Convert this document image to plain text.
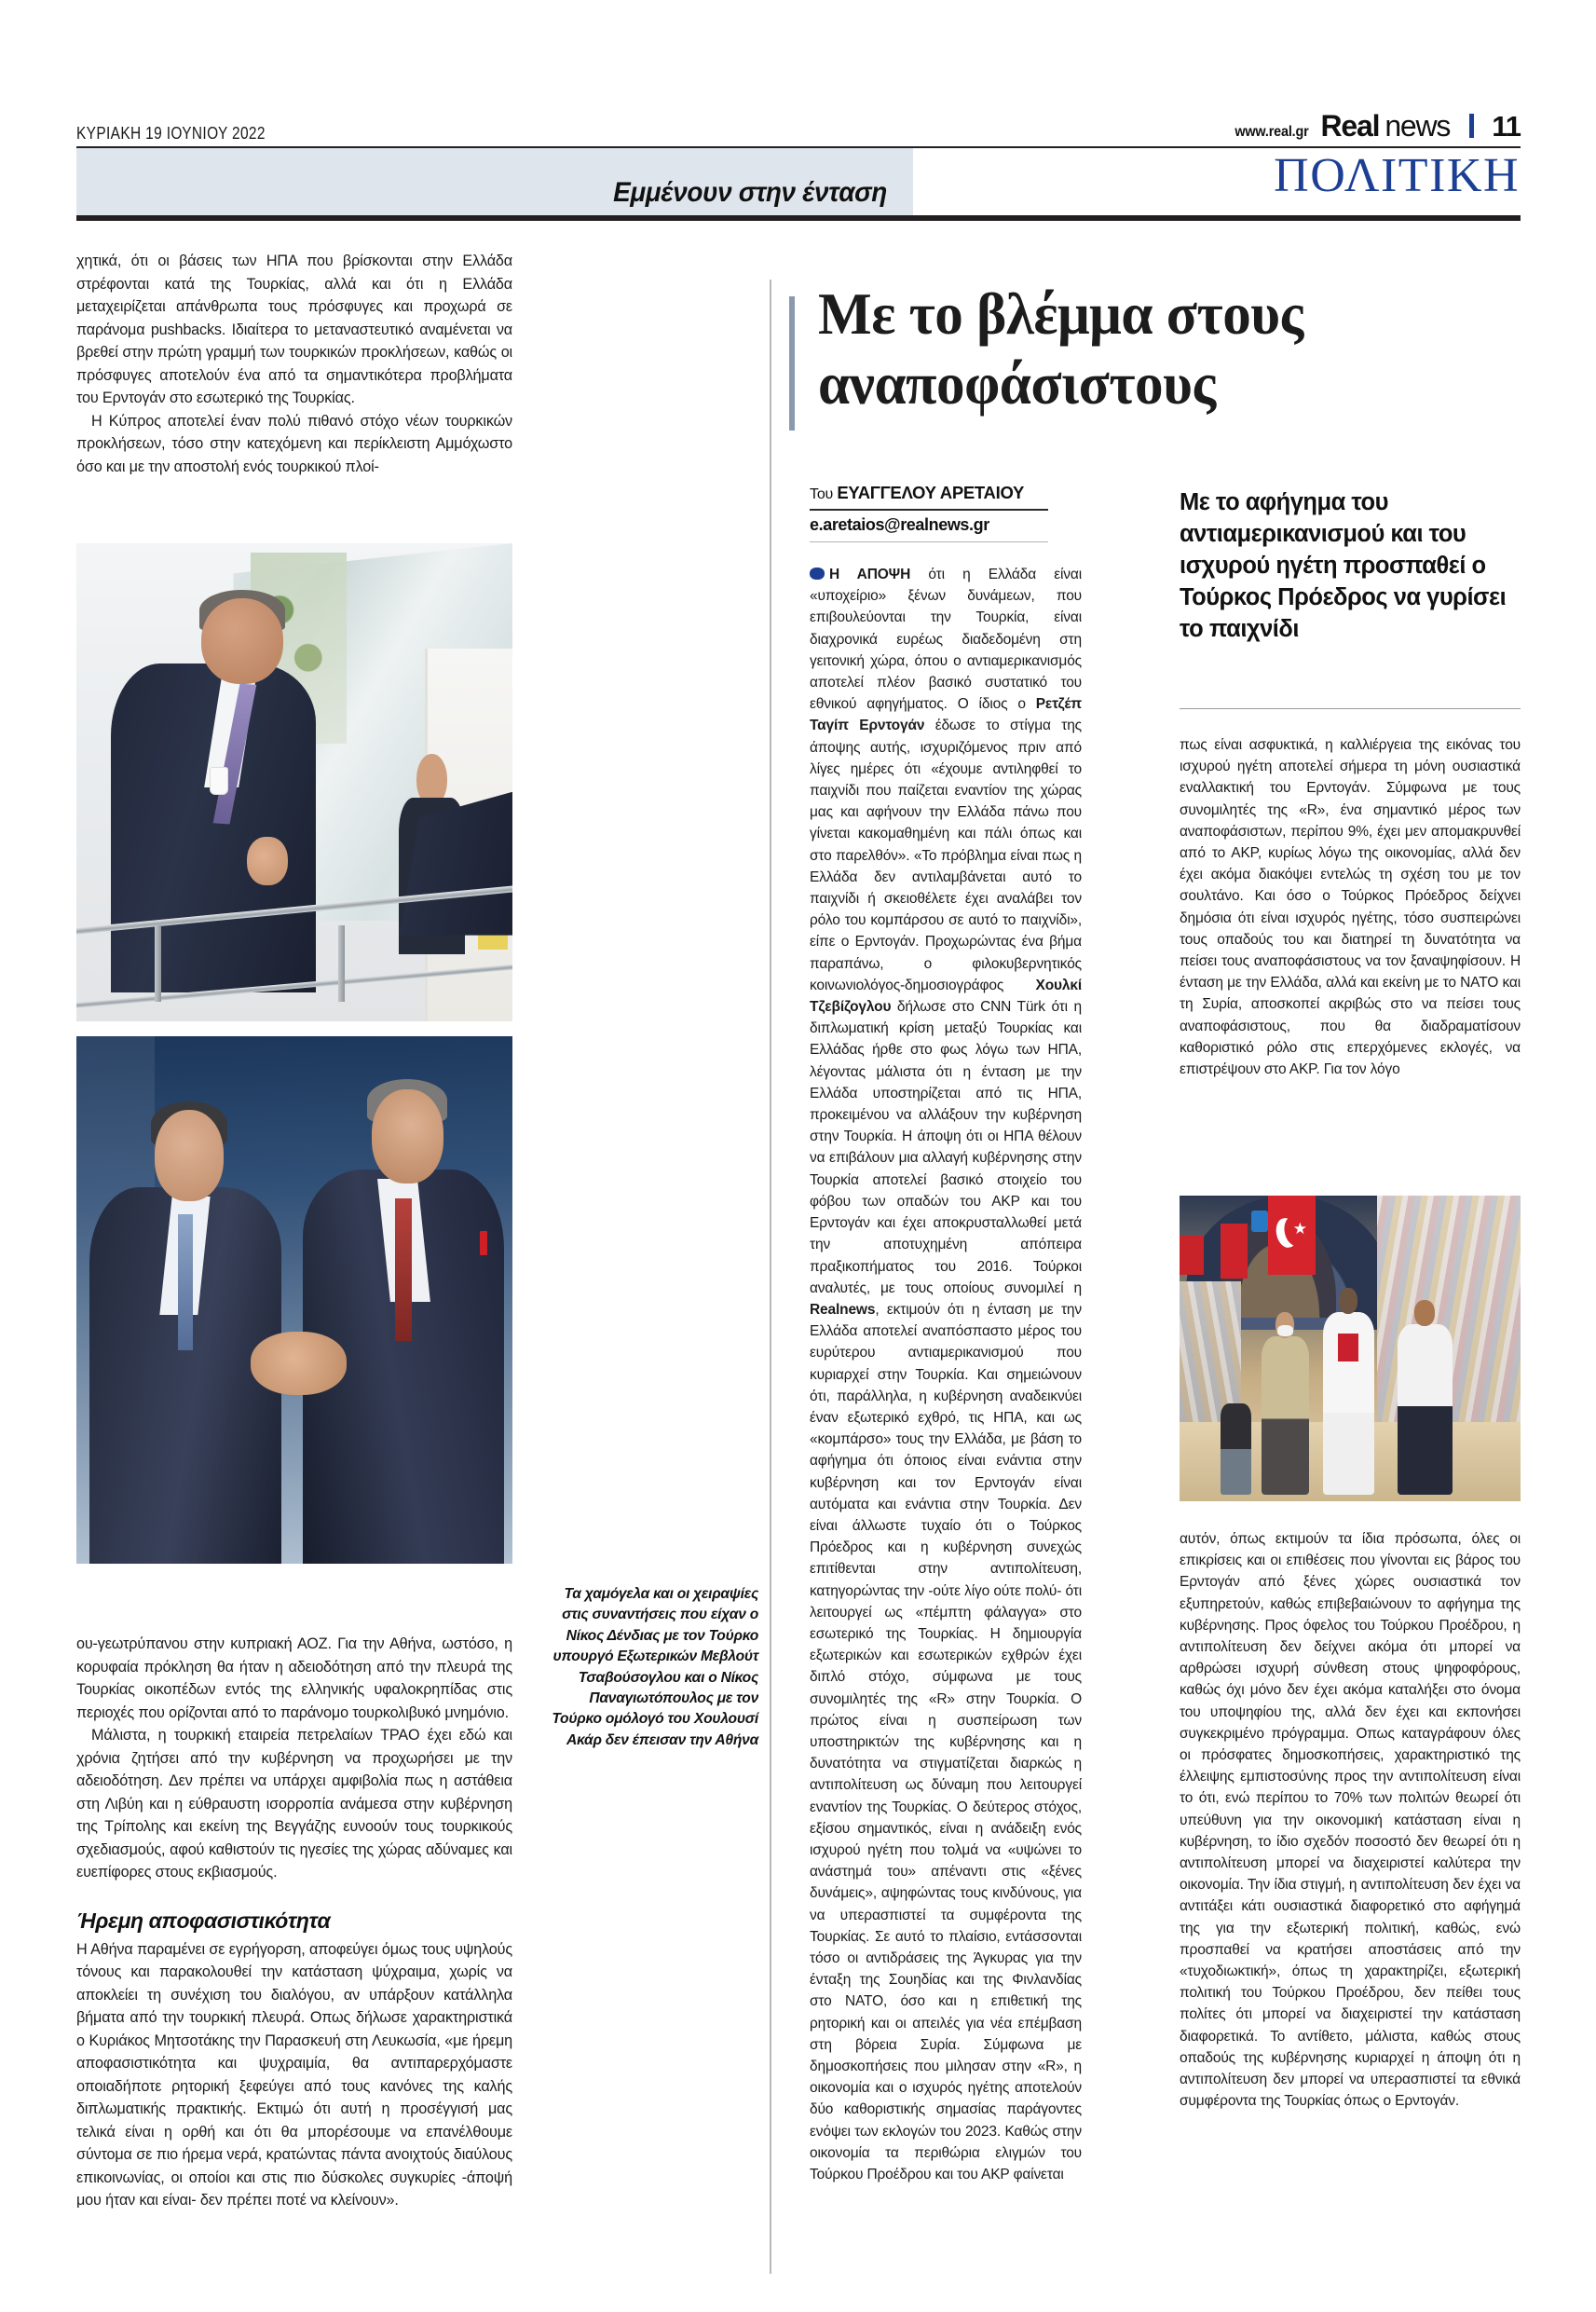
ΚΥΡΙΑΚΗ 19 ΙΟΥΝΙΟΥ 2022	www.real.gr Real news 11
Εμμένουν στην ένταση	ΠΟΛΙΤΙΚΗ

χητικά, ότι οι βάσεις των ΗΠΑ που βρίσκονται στην Ελλάδα στρέφονται κατά της Τουρκίας, αλλά και ότι η Ελλάδα μεταχειρίζεται απάνθρωπα τους πρόσφυγες και προχωρά σε παράνομα pushbacks. Ιδιαίτερα το μεταναστευτικό αναμένεται να βρεθεί στην πρώτη γραμμή των τουρκικών προκλήσεων, καθώς οι πρόσφυγες αποτελούν ένα από τα σημαντικότερα προβλήματα του Ερντογάν στο εσωτερικό της Τουρκίας.

Η Κύπρος αποτελεί έναν πολύ πιθανό στόχο νέων τουρκικών προκλήσεων, τόσο στην κατεχόμενη και περίκλειστη Αμμόχωστο όσο και με την αποστολή ενός τουρκικού πλοί-

Τα χαμόγελα και οι χειραψίες στις συναντήσεις που είχαν ο Νίκος Δένδιας με τον Τούρκο υπουργό Εξωτερικών Μεβλούτ Τσαβούσογλου και ο Νίκος Παναγιωτόπουλος με τον Τούρκο ομόλογό του Χουλουσί Ακάρ δεν έπεισαν την Αθήνα

ου-γεωτρύπανου στην κυπριακή ΑΟΖ. Για την Αθήνα, ωστόσο, η κορυφαία πρόκληση θα ήταν η αδειοδότηση από την πλευρά της Τουρκίας οικοπέδων εντός της ελληνικής υφαλοκρηπίδας στις περιοχές που ορίζονται από το παράνομο τουρκολιβυκό μνημόνιο.

Μάλιστα, η τουρκική εταιρεία πετρελαίων TPAO έχει εδώ και χρόνια ζητήσει από την κυβέρνηση να προχωρήσει με την αδειοδότηση. Δεν πρέπει να υπάρχει αμφιβολία πως η αστάθεια στη Λιβύη και η εύθραυστη ισορροπία ανάμεσα στην κυβέρνηση της Τρίπολης και εκείνη της Βεγγάζης ευνοούν τους τουρκικούς σχεδιασμούς, αφού καθιστούν τις ηγεσίες της χώρας αδύναμες και ευεπίφορες στους εκβιασμούς.

Ήρεμη αποφασιστικότητα

Η Αθήνα παραμένει σε εγρήγορση, αποφεύγει όμως τους υψηλούς τόνους και παρακολουθεί την κατάσταση ψύχραιμα, χωρίς να αποκλείει τη συνέχιση του διαλόγου, αν υπάρξουν κατάλληλα βήματα από την τουρκική πλευρά. Οπως δήλωσε χαρακτηριστικά ο Κυριάκος Μητσοτάκης την Παρασκευή στη Λευκωσία, «με ήρεμη αποφασιστικότητα και ψυχραιμία, θα αντιπαρερχόμαστε οποιαδήποτε ρητορική ξεφεύγει από τους κανόνες της καλής διπλωματικής πρακτικής. Εκτιμώ ότι αυτή η προσέγγισή μας τελικά είναι η ορθή και ότι θα μπορέσουμε να επανέλθουμε σύντομα σε πιο ήρεμα νερά, κρατώντας πάντα ανοιχτούς διαύλους επικοινωνίας, οι οποίοι και στις πιο δύσκολες συγκυρίες -άποψή μου ήταν και είναι- δεν πρέπει ποτέ να κλείνουν».

Με το βλέμμα στους αναποφάσιστους
Του ΕΥΑΓΓΕΛΟΥ ΑΡΕΤΑΙΟΥ
e.aretaios@realnews.gr
Με το αφήγημα του αντιαμερικανισμού και του ισχυρού ηγέτη προσπαθεί ο Τούρκος Πρόεδρος να γυρίσει το παιχνίδι

Η ΑΠΟΨΗ ότι η Ελλάδα είναι «υποχείριο» ξένων δυνάμεων, που επιβουλεύονται την Τουρκία, είναι διαχρονικά ευρέως διαδεδομένη στη γειτονική χώρα, όπου ο αντιαμερικανισμός αποτελεί πλέον βασικό συστατικό του εθνικού αφηγήματος. Ο ίδιος ο Ρετζέπ Ταγίπ Ερντογάν έδωσε το στίγμα της άποψης αυτής, ισχυριζόμενος πριν από λίγες ημέρες ότι «έχουμε αντιληφθεί το παιχνίδι που παίζεται εναντίον της χώρας μας και αφήνουν την Ελλάδα πάνω που γίνεται κακομαθημένη και πάλι όπως και στο παρελθόν». «Το πρόβλημα είναι πως η Ελλάδα δεν αντιλαμβάνεται αυτό το παιχνίδι ή σκειοθέλετε έχει αναλάβει τον ρόλο του κομπάρσου σε αυτό το παιχνίδι», είπε ο Ερντογάν. Προχωρώντας ένα βήμα παραπάνω, ο φιλοκυβερνητικός κοινωνιολόγος-δημοσιογράφος Χουλκί Τζεβίζογλου δήλωσε στο CNN Türk ότι η διπλωματική κρίση μεταξύ Τουρκίας και Ελλάδας ήρθε στο φως λόγω των ΗΠΑ, λέγοντας μάλιστα ότι η ένταση με την Ελλάδα υποστηρίζεται από τις ΗΠΑ, προκειμένου να αλλάξουν την κυβέρνηση στην Τουρκία. Η άποψη ότι οι ΗΠΑ θέλουν να επιβάλουν μια αλλαγή κυβέρνησης στην Τουρκία αποτελεί βασικό στοιχείο του φόβου των οπαδών του ΑΚΡ και του Ερντογάν και έχει αποκρυσταλλωθεί μετά την αποτυχημένη απόπειρα πραξικοπήματος του 2016. Τούρκοι αναλυτές, με τους οποίους συνομιλεί η Realnews, εκτιμούν ότι η ένταση με την Ελλάδα αποτελεί αναπόσπαστο μέρος του ευρύτερου αντιαμερικανισμού που κυριαρχεί στην Τουρκία. Και σημειώνουν ότι, παράλληλα, η κυβέρνηση αναδεικνύει έναν εξωτερικό εχθρό, τις ΗΠΑ, και ως «κομπάρσο» τους την Ελλάδα, με βάση το αφήγημα ότι όποιος είναι ενάντια στην κυβέρνηση και τον Ερντογάν είναι αυτόματα και ενάντια στην Τουρκία. Δεν είναι άλλωστε τυχαίο ότι ο Τούρκος Πρόεδρος και η κυβέρνηση συνεχώς επιτίθενται στην αντιπολίτευση, κατηγορώντας την -ούτε λίγο ούτε πολύ- ότι λειτουργεί ως «πέμπτη φάλαγγα» στο εσωτερικό της Τουρκίας. Η δημιουργία εξωτερικών και εσωτερικών εχθρών έχει διπλό στόχο, σύμφωνα με τους συνομιλητές της «R» στην Τουρκία. Ο πρώτος είναι η συσπείρωση των υποστηρικτών της κυβέρνησης και η δυνατότητα να στιγματίζεται διαρκώς η αντιπολίτευση ως δύναμη που λειτουργεί εναντίον της Τουρκίας. Ο δεύτερος στόχος, εξίσου σημαντικός, είναι η ανάδειξη ενός ισχυρού ηγέτη που τολμά να «υψώνει το ανάστημά του» απέναντι στις «ξένες δυνάμεις», αψηφώντας τους κινδύνους, για να υπερασπιστεί τα συμφέροντα της Τουρκίας. Σε αυτό το πλαίσιο, εντάσσονται τόσο οι αντιδράσεις της Άγκυρας για την ένταξη της Σουηδίας και της Φινλανδίας στο ΝΑΤΟ, όσο και η επιθετική της ρητορική και οι απειλές για νέα επέμβαση στη βόρεια Συρία. Σύμφωνα με δημοσκοπήσεις που μιλησαν στην «R», η οικονομία και ο ισχυρός ηγέτης αποτελούν δύο καθοριστικής σημασίας παράγοντες ενόψει των εκλογών του 2023. Καθώς στην οικονομία τα περιθώρια ελιγμών του Τούρκου Προέδρου και του ΑΚΡ φαίνεται

πως είναι ασφυκτικά, η καλλιέργεια της εικόνας του ισχυρού ηγέτη αποτελεί σήμερα τη μόνη ουσιαστικά εναλλακτική του Ερντογάν. Σύμφωνα με τους συνομιλητές της «R», ένα σημαντικό μέρος των αναποφάσιστων, περίπου 9%, έχει μεν απομακρυνθεί από το ΑΚΡ, κυρίως λόγω της οικονομίας, αλλά δεν έχει ακόμα διακόψει εντελώς τη σχέση του με τον σουλτάνο. Και όσο ο Τούρκος Πρόεδρος δείχνει δημόσια ότι είναι ισχυρός ηγέτης, τόσο συσπειρώνει τους οπαδούς του και διατηρεί τη δυνατότητα να πείσει τους αναποφάσιστους να τον ξαναψηφίσουν. Η ένταση με την Ελλάδα, αλλά και εκείνη με το ΝΑΤΟ και τη Συρία, αποσκοπεί ακριβώς στο να πείσει τους αναποφάσιστους, που θα διαδραματίσουν καθοριστικό ρόλο στις επερχόμενες εκλογές, να επιστρέψουν στο ΑΚΡ. Για τον λόγο

★

αυτόν, όπως εκτιμούν τα ίδια πρόσωπα, όλες οι επικρίσεις και οι επιθέσεις που γίνονται εις βάρος του Ερντογάν από ξένες χώρες ουσιαστικά τον εξυπηρετούν, καθώς επιβεβαιώνουν το αφήγημα της κυβέρνησης. Προς όφελος του Τούρκου Προέδρου, η αντιπολίτευση δεν δείχνει ακόμα ότι μπορεί να αρθρώσει ισχυρή σύνθεση στους ψηφοφόρους, καθώς όχι μόνο δεν έχει ακόμα καταλήξει στο όνομα του υποψηφίου της, αλλά δεν έχει και εκπονήσει συγκεκριμένο πρόγραμμα. Οπως καταγράφουν όλες οι πρόσφατες δημοσκοπήσεις, χαρακτηριστικό της έλλειψης εμπιστοσύνης προς την αντιπολίτευση είναι το ότι, ενώ περίπου το 70% των πολιτών θεωρεί ότι υπεύθυνη για την οικονομική κατάσταση είναι η κυβέρνηση, το ίδιο σχεδόν ποσοστό δεν θεωρεί ότι η αντιπολίτευση μπορεί να διαχειριστεί καλύτερα την οικονομία. Την ίδια στιγμή, η αντιπολίτευση δεν έχει να αντιτάξει κάτι ουσιαστικά διαφορετικό στο αφήγημά της για την εξωτερική πολιτική, καθώς, ενώ προσπαθεί να κρατήσει αποστάσεις από την «τυχοδιωκτική», όπως τη χαρακτηρίζει, εξωτερική πολιτική του Τούρκου Προέδρου, δεν πείθει τους πολίτες ότι μπορεί να διαχειριστεί την κατάσταση διαφορετικά. Το αντίθετο, μάλιστα, καθώς στους οπαδούς της κυβέρνησης κυριαρχεί η άποψη ότι η αντιπολίτευση δεν μπορεί να υπερασπιστεί τα εθνικά συμφέροντα της Τουρκίας όπως ο Ερντογάν.
